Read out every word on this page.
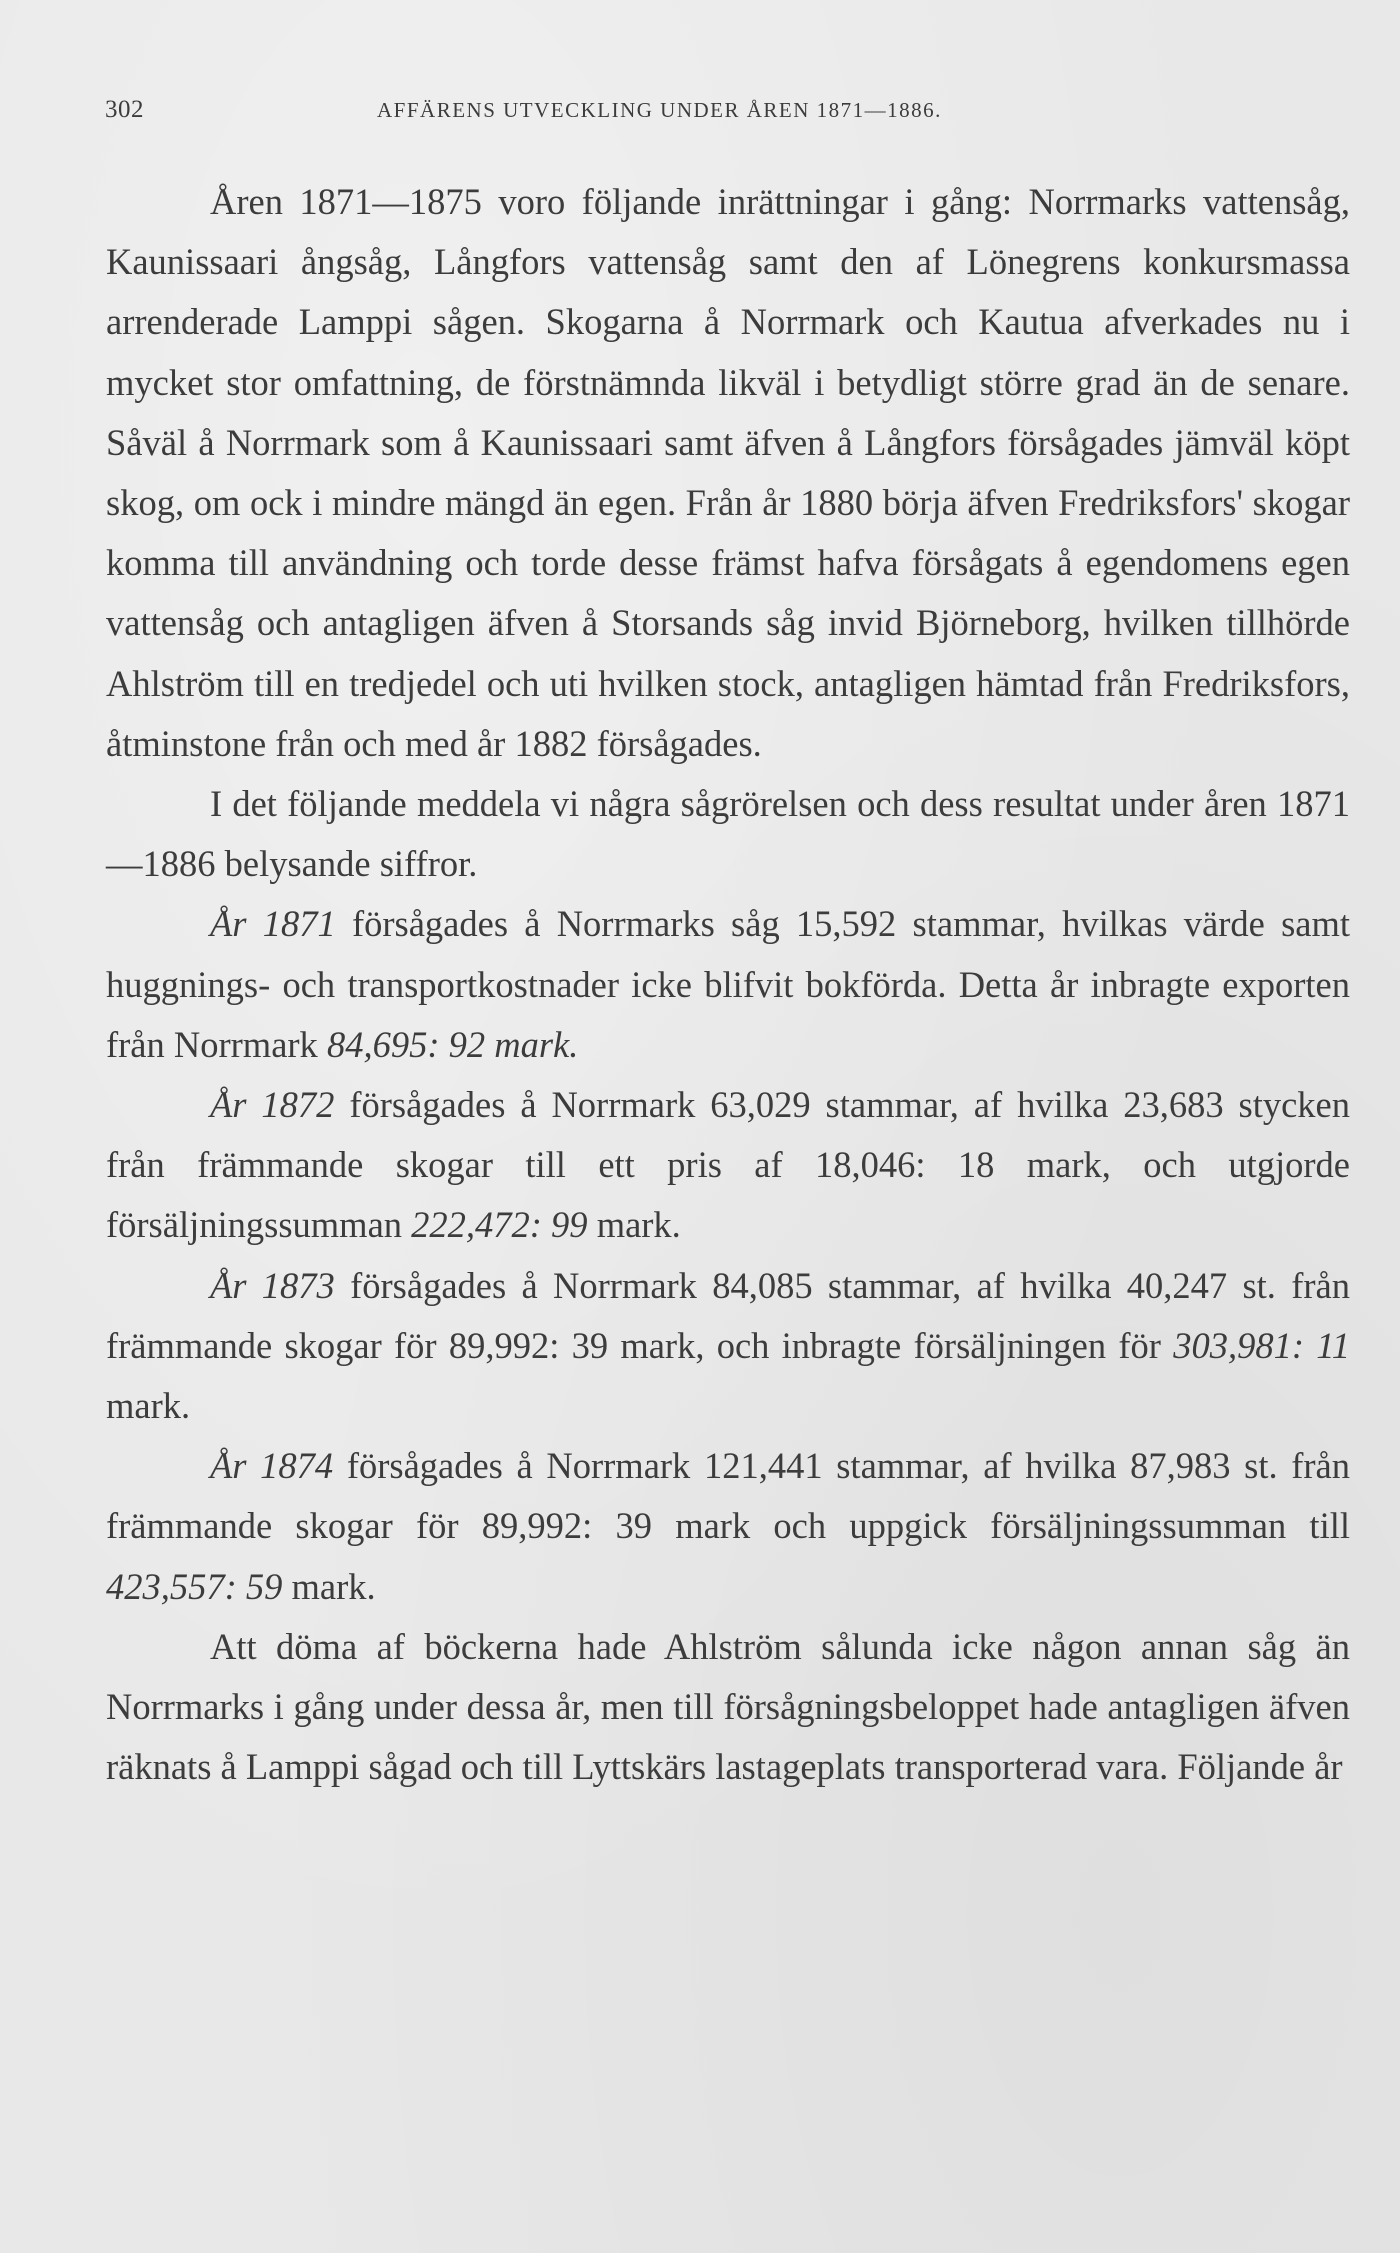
302	AFFÄRENS UTVECKLING UNDER ÅREN 1871—1886.

Åren 1871—1875 voro följande inrättningar i gång: Norrmarks vattensåg, Kaunissaari ångsåg, Långfors vattensåg samt den af Lönegrens konkursmassa arrenderade Lamppi sågen. Skogarna å Norrmark och Kautua afverkades nu i mycket stor omfattning, de förstnämnda likväl i betydligt större grad än de senare. Såväl å Norrmark som å Kaunissaari samt äfven å Långfors försågades jämväl köpt skog, om ock i mindre mängd än egen. Från år 1880 börja äfven Fredriksfors' skogar komma till användning och torde desse främst hafva försågats å egendomens egen vattensåg och antagligen äfven å Storsands såg invid Björneborg, hvilken tillhörde Ahlström till en tredjedel och uti hvilken stock, antagligen hämtad från Fredriksfors, åtminstone från och med år 1882 försågades.

I det följande meddela vi några sågrörelsen och dess resultat under åren 1871—1886 belysande siffror.

År 1871 försågades å Norrmarks såg 15,592 stammar, hvilkas värde samt huggnings- och transportkostnader icke blifvit bokförda. Detta år inbragte exporten från Norrmark 84,695: 92 mark.

År 1872 försågades å Norrmark 63,029 stammar, af hvilka 23,683 stycken från främmande skogar till ett pris af 18,046: 18 mark, och utgjorde försäljningssumman 222,472: 99 mark.

År 1873 försågades å Norrmark 84,085 stammar, af hvilka 40,247 st. från främmande skogar för 89,992: 39 mark, och inbragte försäljningen för 303,981: 11 mark.

År 1874 försågades å Norrmark 121,441 stammar, af hvilka 87,983 st. från främmande skogar för 89,992: 39 mark och uppgick försäljningssumman till 423,557: 59 mark.

Att döma af böckerna hade Ahlström sålunda icke någon annan såg än Norrmarks i gång under dessa år, men till försågningsbeloppet hade antagligen äfven räknats å Lamppi sågad och till Lyttskärs lastageplats transporterad vara. Följande år
